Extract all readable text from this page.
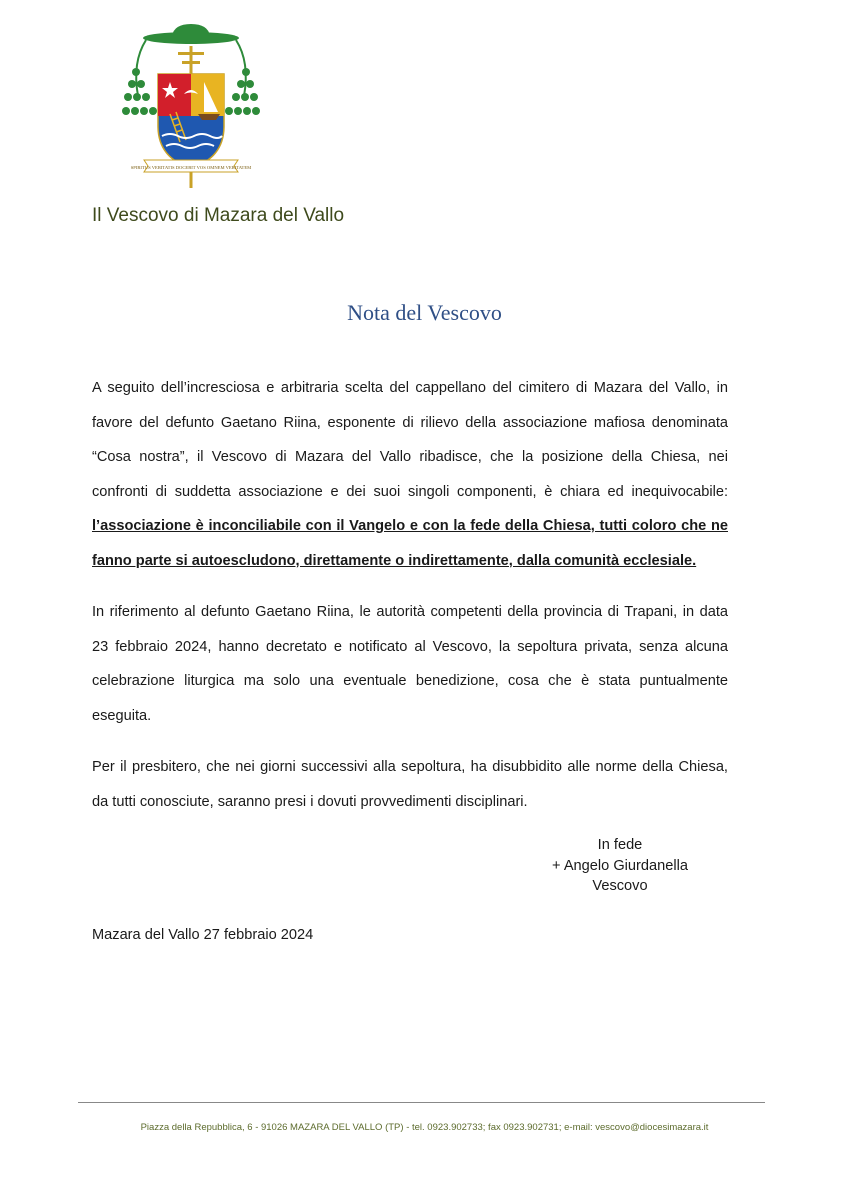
SPIRITUS VERITATIS DOCEBIT VOS OMNEM VERITATEM

Il Vescovo di Mazara del Vallo

Nota del Vescovo

A seguito dell’incresciosa e arbitraria scelta del cappellano del cimitero di Mazara del Vallo, in favore del defunto Gaetano Riina, esponente di rilievo della associazione mafiosa denominata “Cosa nostra”, il Vescovo di Mazara del Vallo ribadisce, che la posizione della Chiesa, nei confronti di suddetta associazione e dei suoi singoli componenti, è chiara ed inequivocabile: l’associazione è inconciliabile con il Vangelo e con la fede della Chiesa, tutti coloro che ne fanno parte si autoescludono, direttamente o indirettamente, dalla comunità ecclesiale.

In riferimento al defunto Gaetano Riina, le autorità competenti della provincia di Trapani, in data 23 febbraio 2024, hanno decretato e notificato al Vescovo, la sepoltura privata, senza alcuna celebrazione liturgica ma solo una eventuale benedizione, cosa che è stata puntualmente eseguita.

Per il presbitero, che nei giorni successivi alla sepoltura, ha disubbidito alle norme della Chiesa, da tutti conosciute, saranno presi i dovuti provvedimenti disciplinari.

In fede
+ Angelo Giurdanella
Vescovo
Mazara del Vallo 27 febbraio 2024
Piazza della Repubblica, 6 - 91026 MAZARA DEL VALLO (TP) - tel. 0923.902733; fax 0923.902731; e-mail: vescovo@diocesimazara.it
